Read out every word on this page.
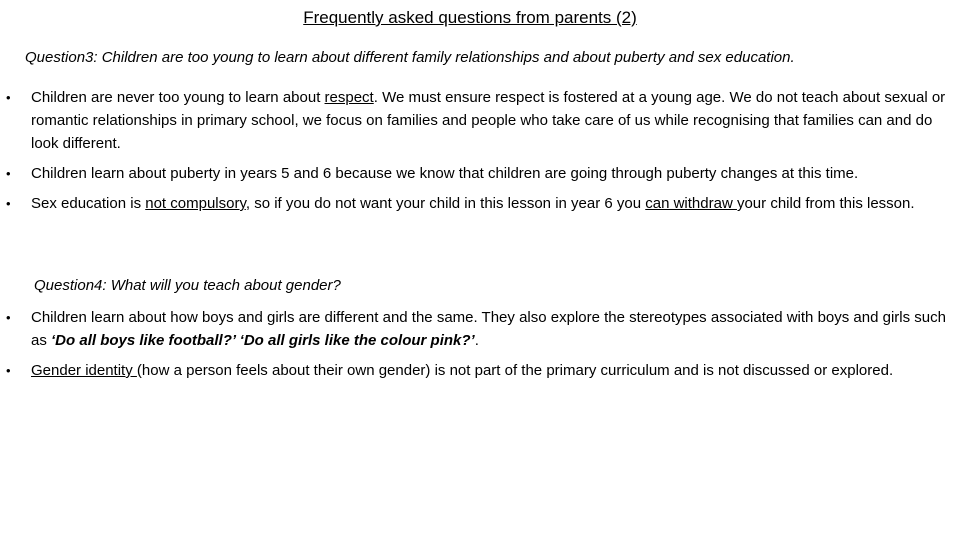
Frequently asked questions from parents (2)
Question3: Children are too young to learn about different family relationships and about puberty and sex education.
• Children are never too young to learn about respect. We must ensure respect is fostered at a young age. We do not teach about sexual or romantic relationships in primary school, we focus on families and people who take care of us while recognising that families can and do look different.
• Children learn about puberty in years 5 and 6 because we know that children are going through puberty changes at this time.
• Sex education is not compulsory, so if you do not want your child in this lesson in year 6 you can withdraw your child from this lesson.
Question4: What will you teach about gender?
• Children learn about how boys and girls are different and the same. They also explore the stereotypes associated with boys and girls such as ‘Do all boys like football?’ ‘Do all girls like the colour pink?’.
• Gender identity (how a person feels about their own gender) is not part of the primary curriculum and is not discussed or explored.
